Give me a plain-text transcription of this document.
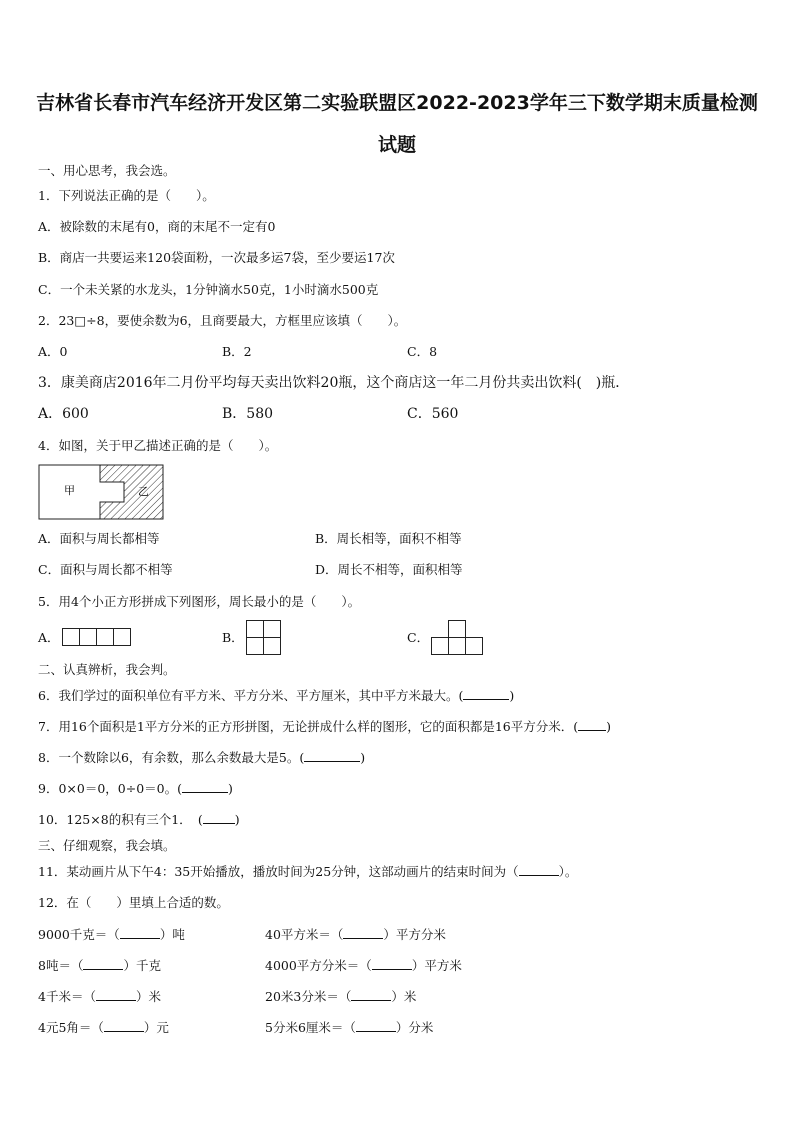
吉林省长春市汽车经济开发区第二实验联盟区2022-2023学年三下数学期末质量检测
试题
一、用心思考，我会选。
1．下列说法正确的是（　　）。
A．被除数的末尾有0，商的末尾不一定有0
B．商店一共要运来120袋面粉，一次最多运7袋，至少要运17次
C．一个未关紧的水龙头，1分钟滴水50克，1小时滴水500克
2．23□÷8，要使余数为6，且商要最大，方框里应该填（　　）。
A．0	B．2	C．8
3．康美商店2016年二月份平均每天卖出饮料20瓶，这个商店这一年二月份共卖出饮料(　)瓶．
A．600	B．580	C．560
4．如图，关于甲乙描述正确的是（　　）。
甲	乙
A．面积与周长都相等	B．周长相等，面积不相等
C．面积与周长都不相等	D．周长不相等，面积相等
5．用4个小正方形拼成下列图形，周长最小的是（　　）。
A．	B．	C．
二、认真辨析，我会判。
6．我们学过的面积单位有平方米、平方分米、平方厘米，其中平方米最大。(	)
7．用16个面积是1平方分米的正方形拼图，无论拼成什么样的图形，它的面积都是16平方分米．( )
8．一个数除以6，有余数，那么余数最大是5。(	)
9．0×0＝0，0÷0＝0。(	)
10．125×8的积有三个1．　(	)
三、仔细观察，我会填。
11．某动画片从下午4：35开始播放，播放时间为25分钟，这部动画片的结束时间为（	）。
12．在（　　）里填上合适的数。
9000千克＝（	）吨	40平方米＝（	）平方分米
8吨＝（	）千克	4000平方分米＝（	）平方米
4千米＝（	）米	20米3分米＝（	）米
4元5角＝（	）元	5分米6厘米＝（	）分米
